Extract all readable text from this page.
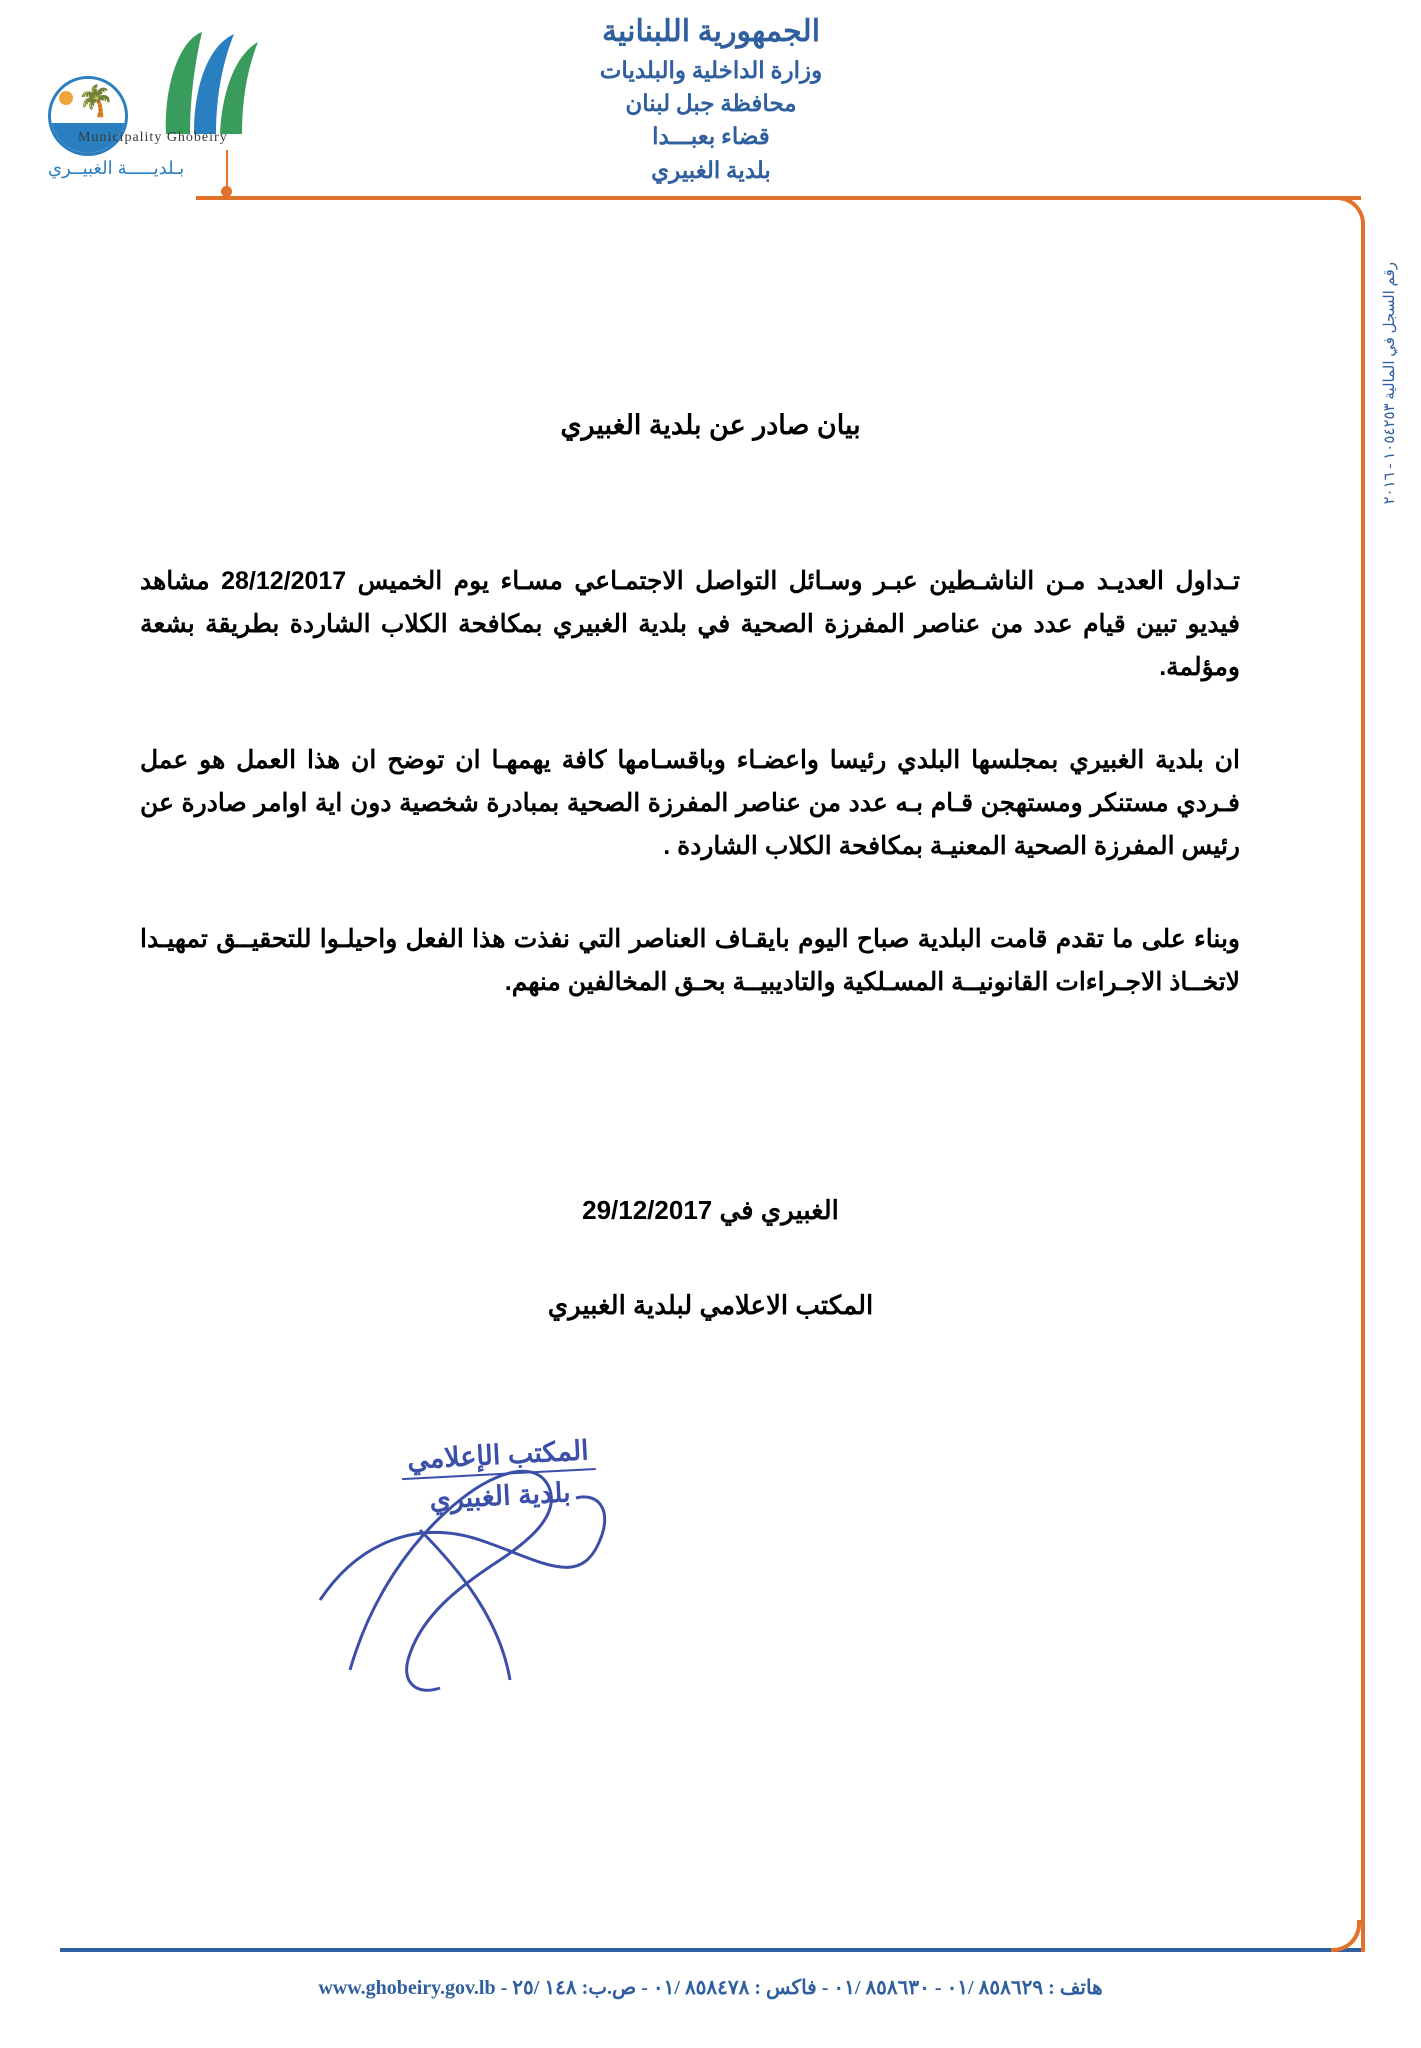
🌴
Municipality Ghobeiry
بـلديـــــة الغبيــري
الجمهورية اللبنانية
وزارة الداخلية والبلديات
محافظة جبل لبنان
قضاء بعبـــدا
بلدية الغبيري
رقم السجل في المالية ١٠٥٤٢٥٣ - ٢٠١٦
بيان صادر عن بلدية الغبيري

تـداول العديـد مـن الناشـطين عبـر وسـائل التواصل الاجتمـاعي مسـاء يوم الخميس 28/12/2017 مشاهد فيديو تبين قيام عدد من عناصر المفرزة الصحية في بلدية الغبيري بمكافحة الكلاب الشاردة بطريقة بشعة ومؤلمة.

ان بلدية الغبيري بمجلسها البلدي رئيسا واعضـاء وباقسـامها كافة يهمهـا ان توضح ان هذا العمل هو عمل فـردي مستنكر ومستهجن قـام بـه عدد من عناصر المفرزة الصحية بمبادرة شخصية دون اية اوامر صادرة عن رئيس المفرزة الصحية المعنيـة بمكافحة الكلاب الشاردة .

وبناء على ما تقدم قامت البلدية صباح اليوم بايقـاف العناصر التي نفذت هذا الفعل واحيلـوا للتحقيــق تمهيـدا لاتخــاذ الاجـراءات القانونيــة المسـلكية والتاديبيــة بحـق المخالفين منهم.

الغبيري في 29/12/2017
المكتب الاعلامي لبلدية الغبيري
المكتب الإعلامي
بلدية الغبيري
هاتف : ٨٥٨٦٢٩ /٠١ - ٨٥٨٦٣٠ /٠١ - فاكس : ٨٥٨٤٧٨ /٠١ - ص.ب: ١٤٨ /٢٥ - www.ghobeiry.gov.lb
